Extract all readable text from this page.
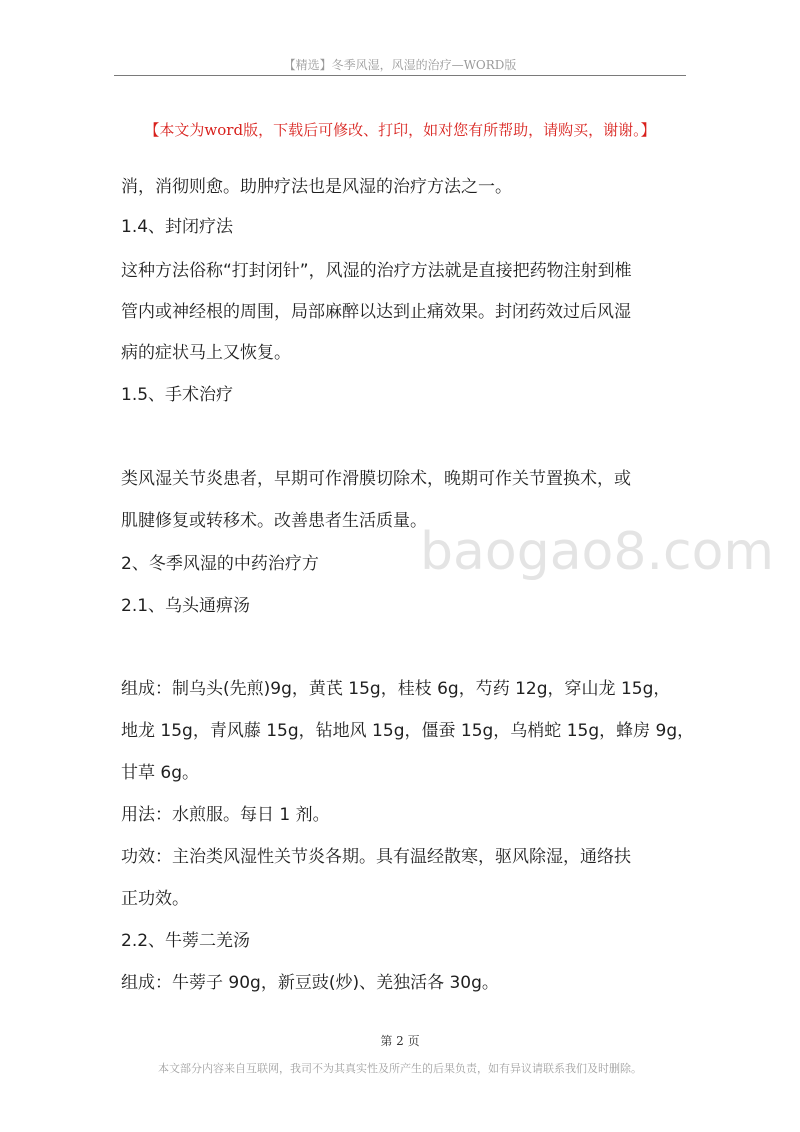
【精选】冬季风湿，风湿的治疗—WORD版
【本文为word版，下载后可修改、打印，如对您有所帮助，请购买，谢谢。】
baogao8.com
消，消彻则愈。助肿疗法也是风湿的治疗方法之一。
1.4、封闭疗法
这种方法俗称“打封闭针”，风湿的治疗方法就是直接把药物注射到椎
管内或神经根的周围，局部麻醉以达到止痛效果。封闭药效过后风湿
病的症状马上又恢复。
1.5、手术治疗
类风湿关节炎患者，早期可作滑膜切除术，晚期可作关节置换术，或
肌腱修复或转移术。改善患者生活质量。
2、冬季风湿的中药治疗方
2.1、乌头通痹汤
组成：制乌头(先煎)9g，黄芪 15g，桂枝 6g，芍药 12g，穿山龙 15g，
地龙 15g，青风藤 15g，钻地风 15g，僵蚕 15g，乌梢蛇 15g，蜂房 9g，
甘草 6g。
用法：水煎服。每日 1 剂。
功效：主治类风湿性关节炎各期。具有温经散寒，驱风除湿，通络扶
正功效。
2.2、牛蒡二羌汤
组成：牛蒡子 90g，新豆豉(炒)、羌独活各 30g。
第 2 页
本文部分内容来自互联网，我司不为其真实性及所产生的后果负责，如有异议请联系我们及时删除。
